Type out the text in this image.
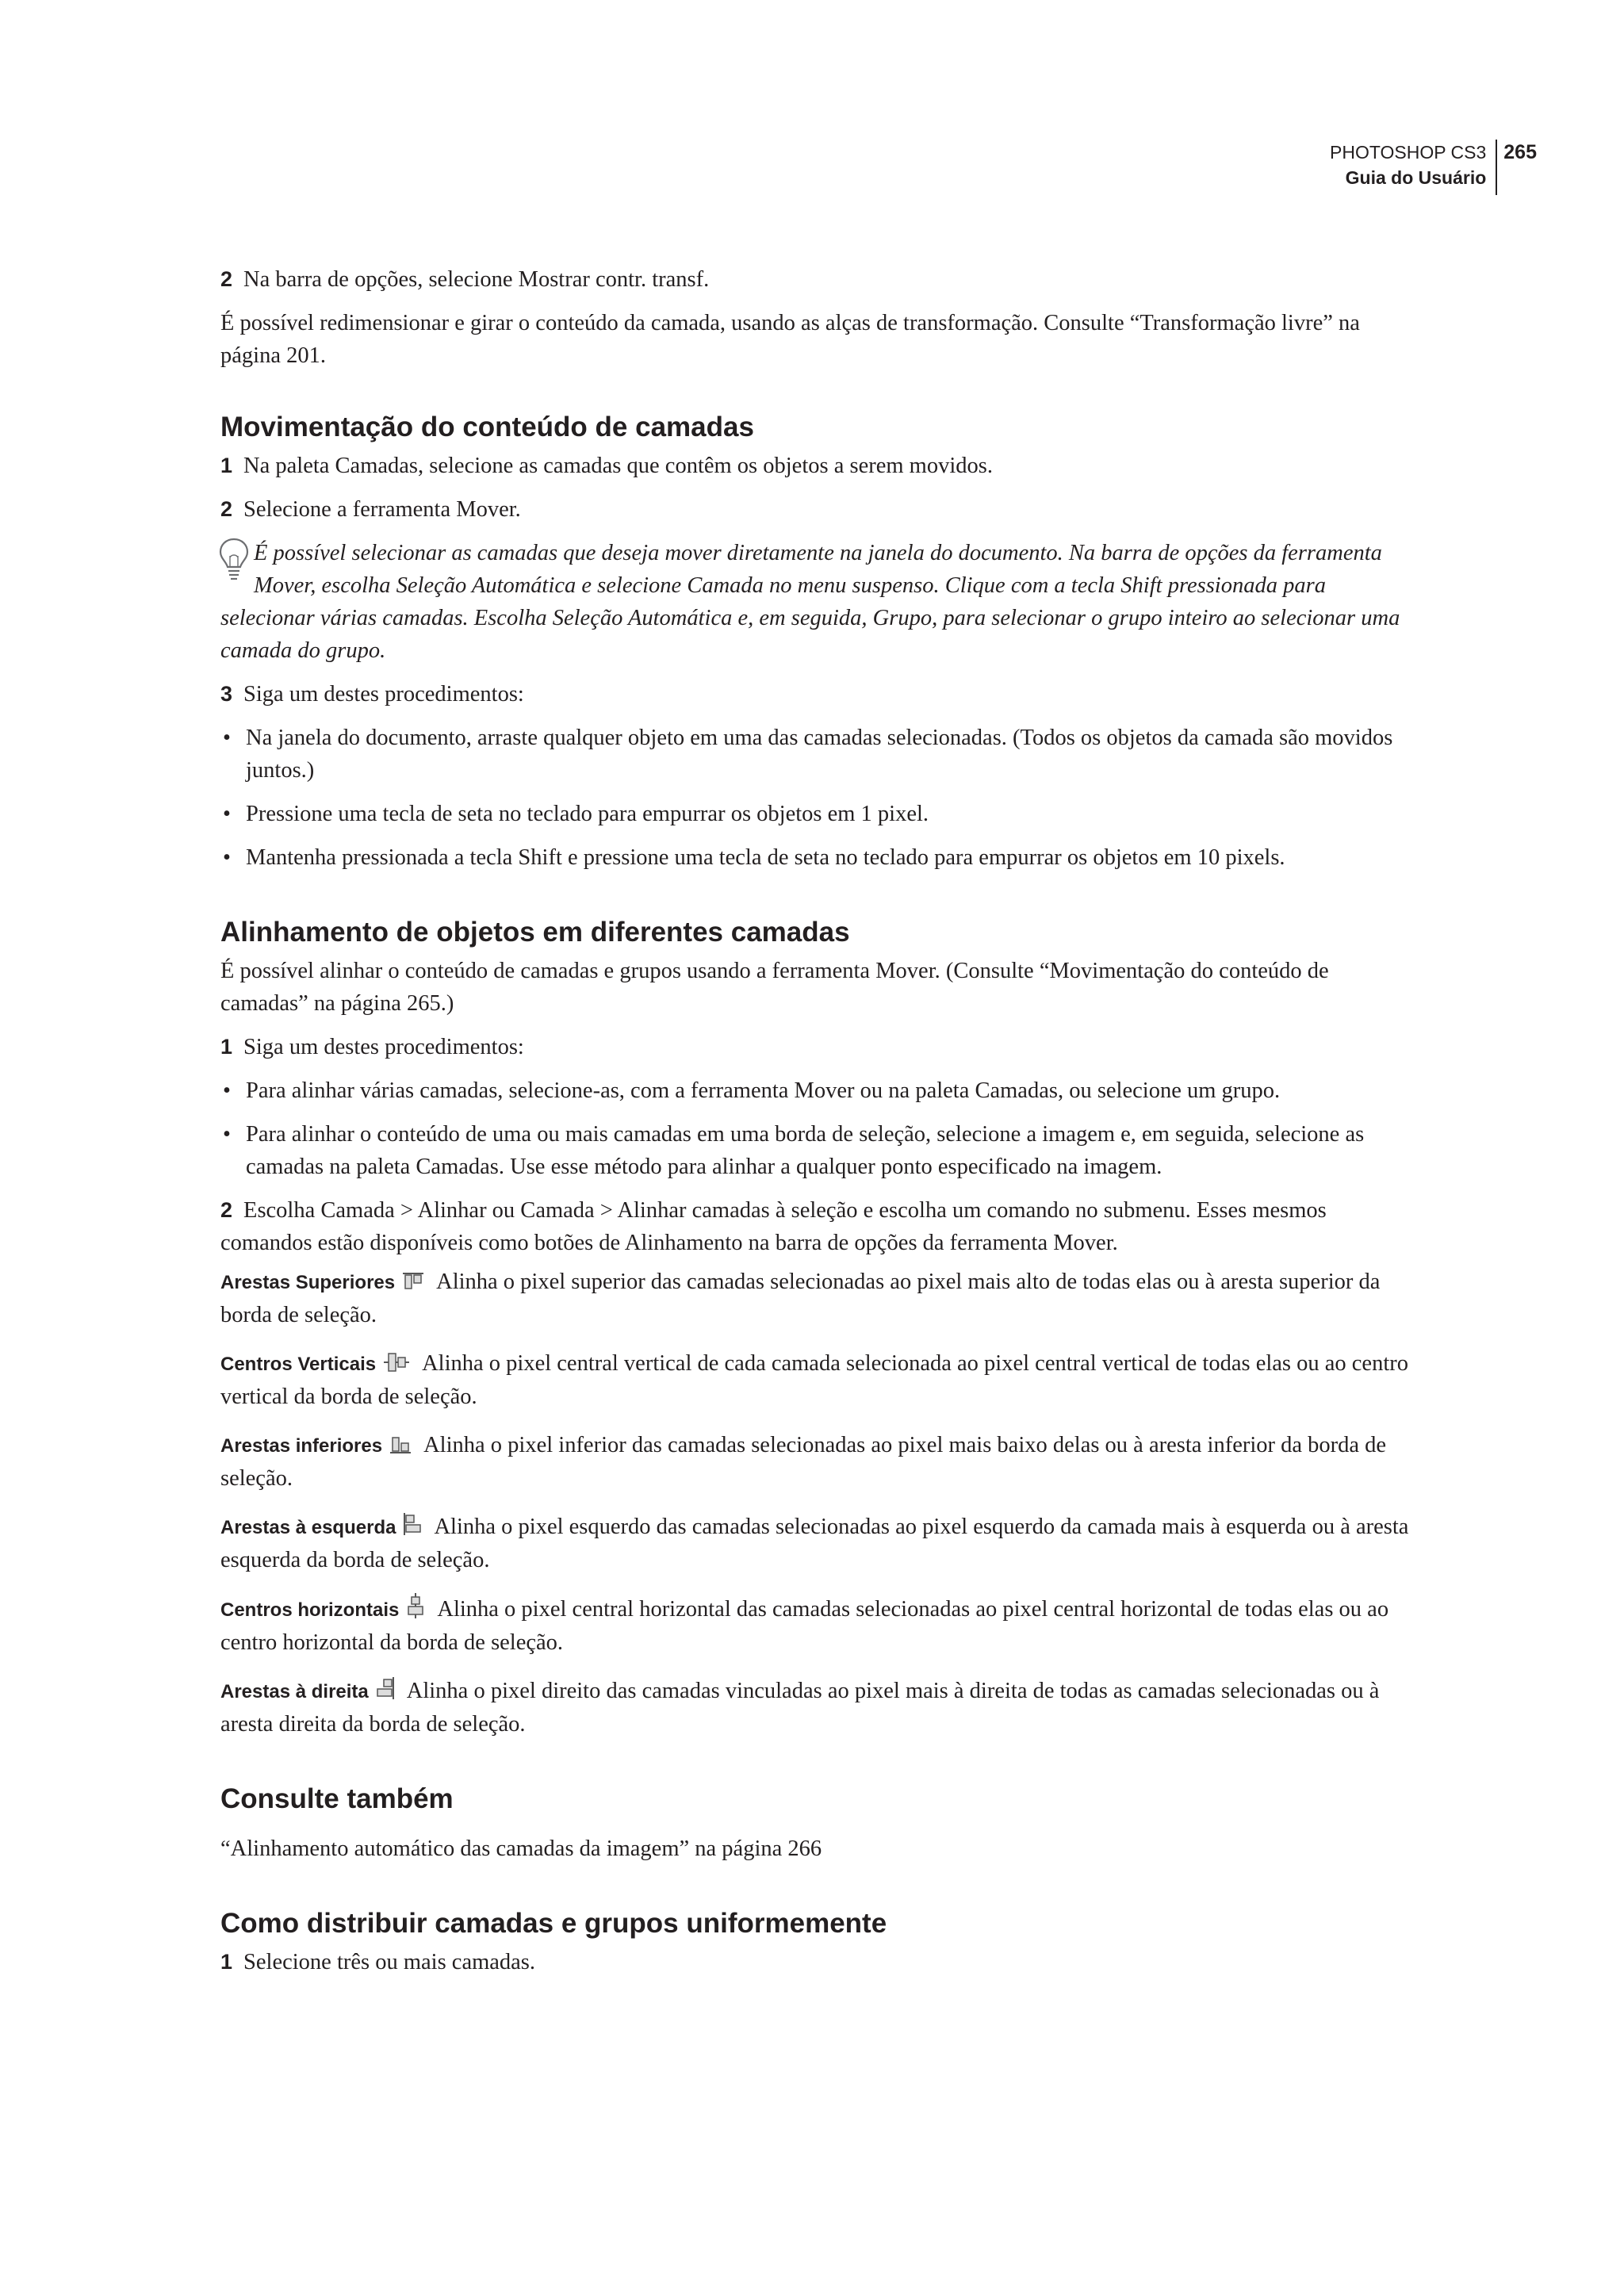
PHOTOSHOP CS3
Guia do Usuário
265

2 Na barra de opções, selecione Mostrar contr. transf.

É possível redimensionar e girar o conteúdo da camada, usando as alças de transformação. Consulte “Transformação livre” na página 201.

Movimentação do conteúdo de camadas

1 Na paleta Camadas, selecione as camadas que contêm os objetos a serem movidos.

2 Selecione a ferramenta Mover.

É possível selecionar as camadas que deseja mover diretamente na janela do documento. Na barra de opções da ferramenta Mover, escolha Seleção Automática e selecione Camada no menu suspenso. Clique com a tecla Shift pressionada para selecionar várias camadas. Escolha Seleção Automática e, em seguida, Grupo, para selecionar o grupo inteiro ao selecionar uma camada do grupo.

3 Siga um destes procedimentos:

• Na janela do documento, arraste qualquer objeto em uma das camadas selecionadas. (Todos os objetos da camada são movidos juntos.)

• Pressione uma tecla de seta no teclado para empurrar os objetos em 1 pixel.

• Mantenha pressionada a tecla Shift e pressione uma tecla de seta no teclado para empurrar os objetos em 10 pixels.

Alinhamento de objetos em diferentes camadas

É possível alinhar o conteúdo de camadas e grupos usando a ferramenta Mover. (Consulte “Movimentação do conteúdo de camadas” na página 265.)

1 Siga um destes procedimentos:

• Para alinhar várias camadas, selecione-as, com a ferramenta Mover ou na paleta Camadas, ou selecione um grupo.

• Para alinhar o conteúdo de uma ou mais camadas em uma borda de seleção, selecione a imagem e, em seguida, selecione as camadas na paleta Camadas. Use esse método para alinhar a qualquer ponto especificado na imagem.

2 Escolha Camada > Alinhar ou Camada > Alinhar camadas à seleção e escolha um comando no submenu. Esses mesmos comandos estão disponíveis como botões de Alinhamento na barra de opções da ferramenta Mover.

Arestas Superiores Alinha o pixel superior das camadas selecionadas ao pixel mais alto de todas elas ou à aresta superior da borda de seleção.

Centros Verticais Alinha o pixel central vertical de cada camada selecionada ao pixel central vertical de todas elas ou ao centro vertical da borda de seleção.

Arestas inferiores Alinha o pixel inferior das camadas selecionadas ao pixel mais baixo delas ou à aresta inferior da borda de seleção.

Arestas à esquerda Alinha o pixel esquerdo das camadas selecionadas ao pixel esquerdo da camada mais à esquerda ou à aresta esquerda da borda de seleção.

Centros horizontais Alinha o pixel central horizontal das camadas selecionadas ao pixel central horizontal de todas elas ou ao centro horizontal da borda de seleção.

Arestas à direita Alinha o pixel direito das camadas vinculadas ao pixel mais à direita de todas as camadas selecionadas ou à aresta direita da borda de seleção.

Consulte também

“Alinhamento automático das camadas da imagem” na página 266

Como distribuir camadas e grupos uniformemente

1 Selecione três ou mais camadas.
